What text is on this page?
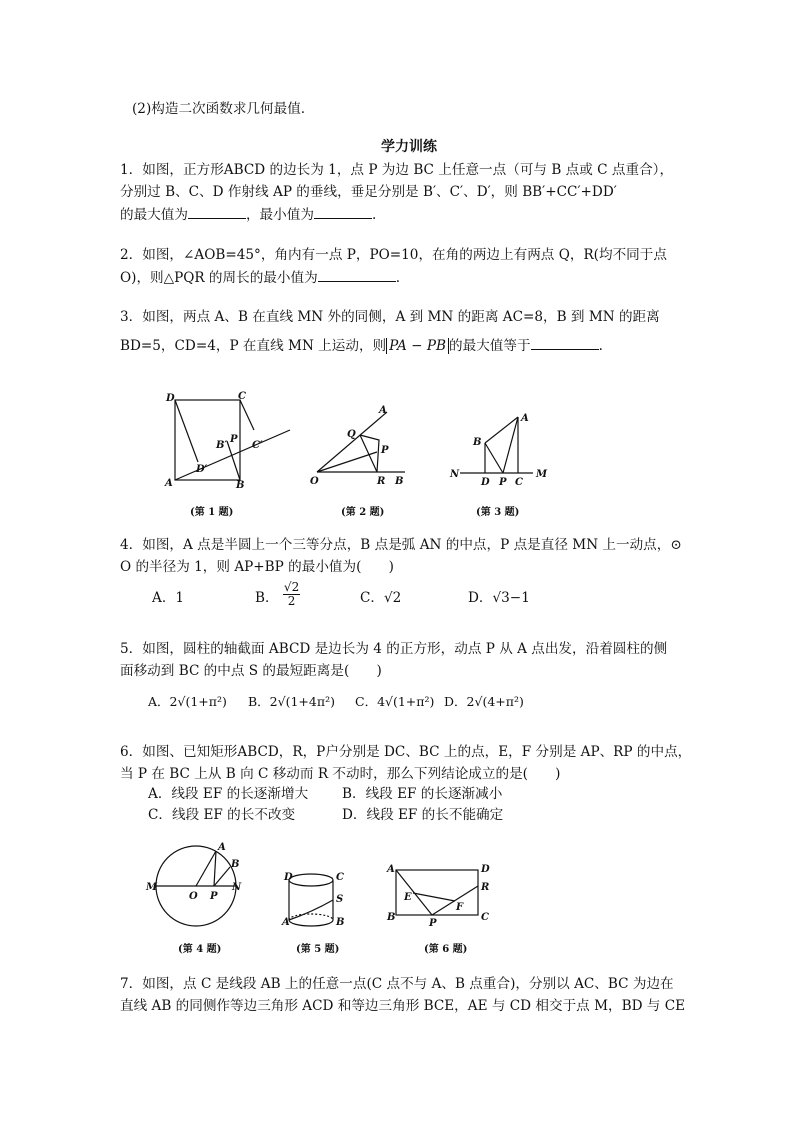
(2)构造二次函数求几何最值.
学力训练
1．如图，正方形ABCD 的边长为 1，点 P 为边 BC 上任意一点（可与 B 点或 C 点重合），
分别过 B、C、D 作射线 AP 的垂线，垂足分别是 B′、C′、D′，则 BB′+CC′+DD′
的最大值为	，最小值为	.
2．如图，∠AOB=45°，角内有一点 P，PO=10，在角的两边上有两点 Q，R(均不同于点
O)，则△PQR 的周长的最小值为	.
3．如图，两点 A、B 在直线 MN 外的同侧，A 到 MN 的距离 AC=8，B 到 MN 的距离
BD=5，CD=4，P 在直线 MN 上运动，则 PA − PB 的最大值等于	.
D	C
B′
P
C′
D′
A	B
A
Q
P
O	R B
A
B
N
D P C
M
(第 1 题)	(第 2 题)	(第 3 题)
4．如图，A 点是半圆上一个三等分点，B 点是弧 AN 的中点，P 点是直径 MN 上一动点，⊙
O 的半径为 1，则 AP+BP 的最小值为(　　)
A．1	B． $\frac{√2}{2}$	C．√2	D．√3−1
5．如图，圆柱的轴截面 ABCD 是边长为 4 的正方形，动点 P 从 A 点出发，沿着圆柱的侧
面移动到 BC 的中点 S 的最短距离是(　　)
A．2√(1+π²) B．2√(1+4π²) C．4√(1+π²) D．2√(4+π²)
6．如图、已知矩形ABCD，R，P户分别是 DC、BC 上的点，E，F 分别是 AP、RP 的中点，
当 P 在 BC 上从 B 向 C 移动而 R 不动时，那么下列结论成立的是(　　)
A．线段 EF 的长逐渐增大 B．线段 EF 的长逐渐减小
C．线段 EF 的长不改变	D．线段 EF 的长不能确定
A
B
M
O P
N
D	C
S
A	B
A	D
R
E
F
B
P
C
(第 4 题)	(第 5 题)	(第 6 题)
7．如图，点 C 是线段 AB 上的任意一点(C 点不与 A、B 点重合)，分别以 AC、BC 为边在
直线 AB 的同侧作等边三角形 ACD 和等边三角形 BCE，AE 与 CD 相交于点 M，BD 与 CE
